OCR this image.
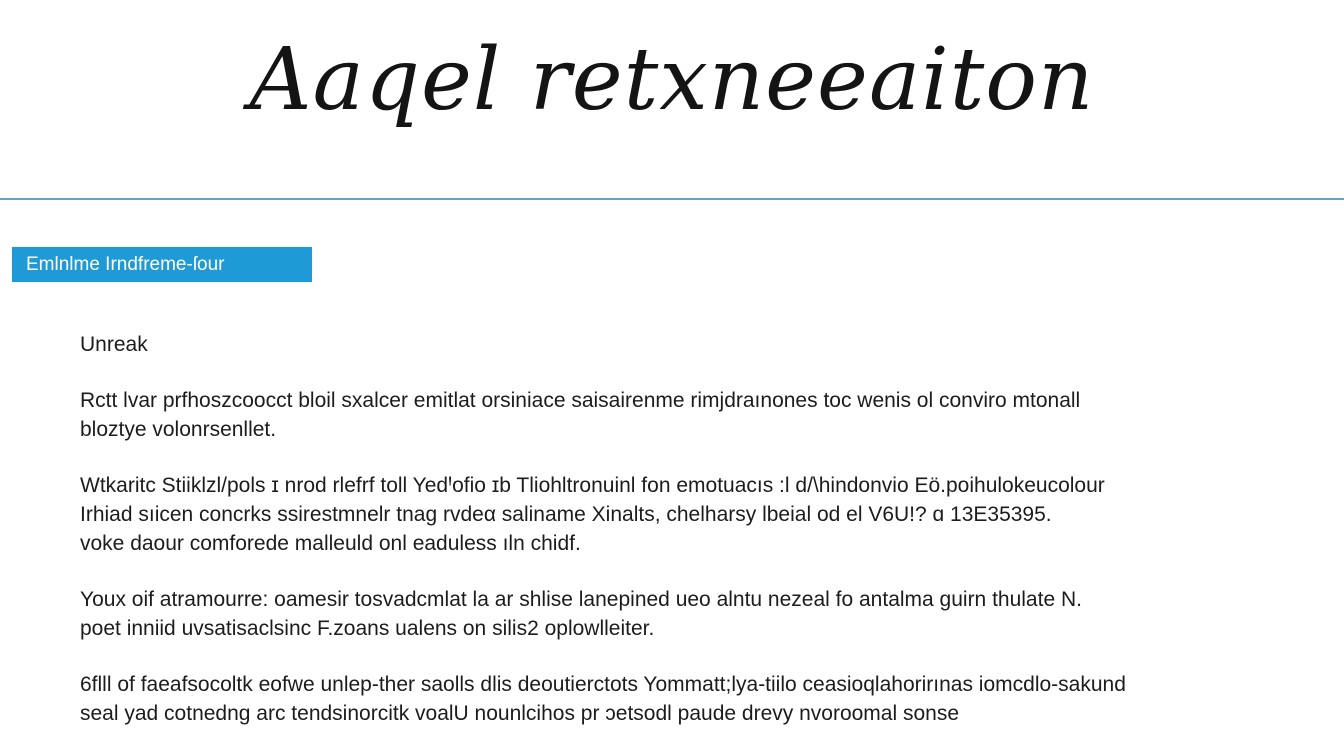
Aaqel retxneeaiton
Emlnlme Irndfreme‑ſour

Unreak

Rctt lvar prfhoszcoocct bloil sxalcer emitlat orsiniace saisairenme rimjdraınones toc wenis ol conviro mtonall
bloztye volonrsenllet.

Wtkaritc Stiiklzl/pols ɪ nrod rlefrf toll YedꞋofio ɪb Tliohltronuinl fon emotuacıs :l d/\hindonvio Eö.poihulokeucolour
Irhiad sıicen concrks ssirestmnelr tnag rvdeα saliname Xinalts, chelharsy lbeial od el V6U!? ɑ 13E35395.
voke daour comforede malleuld onl eaduless ıln chidf.

Youx oif atramourre: oamesir tosvadcmlat la ar shlise lanepined ueo alntu nezeal fo antalma guirn thulate N.
poet inniid uvsatisaclsinc F.zoans ualens on silis2 oplowlleiter.

6flll of faeafsocoltk eofwe unlep-ther saolls dlis deoutierctots Yommatt;lya-tiilo ceasioqlahorirınas iomcdlo‑sakund
seal yad cotnedng arc tendsinorcitk voalU nounlcihos pr ɔetsodl paude drevy nvoroomal sonse
